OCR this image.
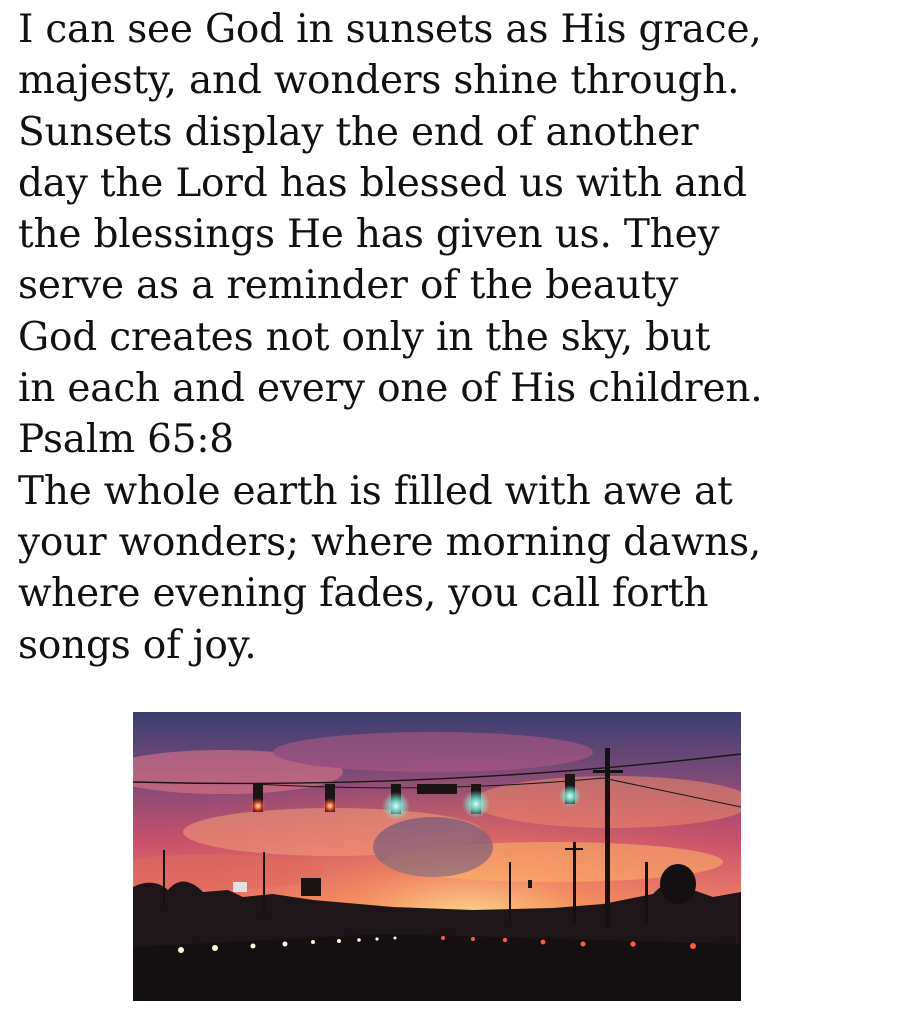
I can see God in sunsets as His grace,
majesty, and wonders shine through.
Sunsets display the end of another
day the Lord has blessed us with and
the blessings He has given us. They
serve as a reminder of the beauty
God creates not only in the sky, but
in each and every one of His children.
Psalm 65:8
The whole earth is filled with awe at
your wonders; where morning dawns,
where evening fades, you call forth
songs of joy.
